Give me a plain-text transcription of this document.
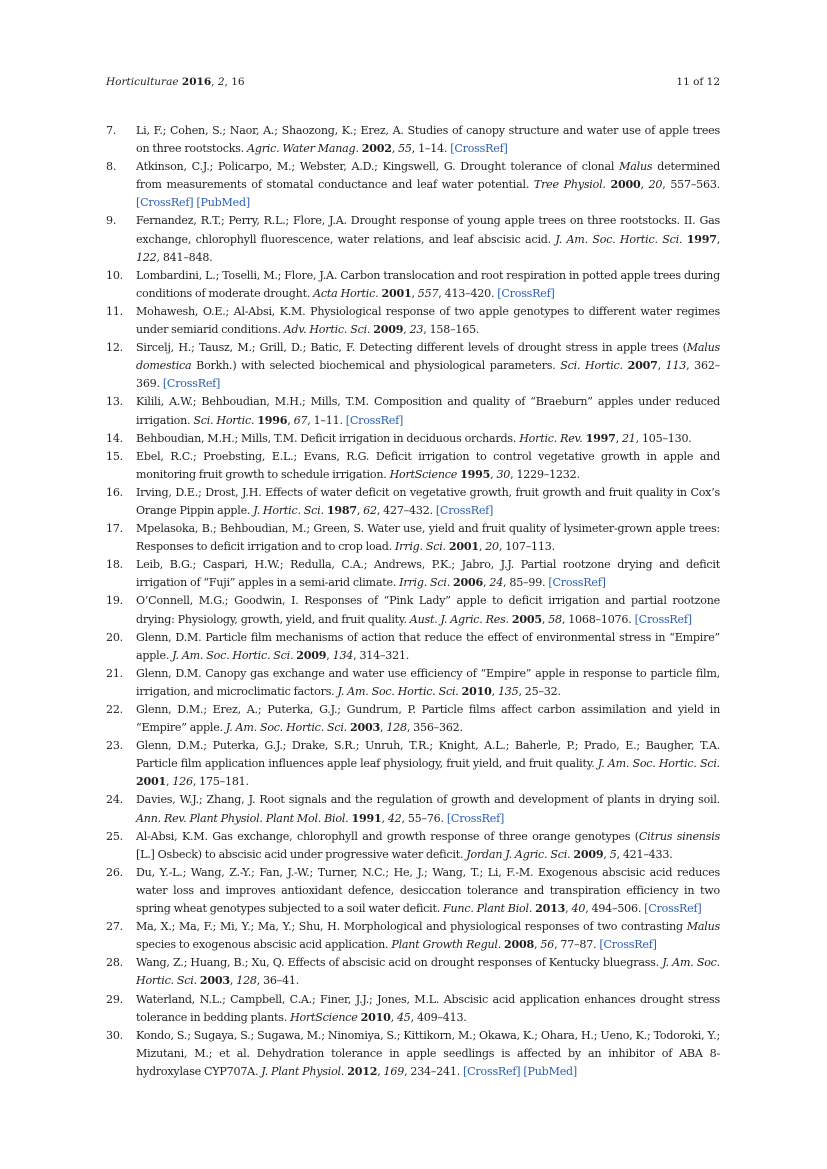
Horticulturae 2016, 2, 16	11 of 12

7. Li, F.; Cohen, S.; Naor, A.; Shaozong, K.; Erez, A. Studies of canopy structure and water use of apple trees on three rootstocks. Agric. Water Manag. 2002, 55, 1–14. [CrossRef]

8. Atkinson, C.J.; Policarpo, M.; Webster, A.D.; Kingswell, G. Drought tolerance of clonal Malus determined from measurements of stomatal conductance and leaf water potential. Tree Physiol. 2000, 20, 557–563. [CrossRef] [PubMed]

9. Fernandez, R.T.; Perry, R.L.; Flore, J.A. Drought response of young apple trees on three rootstocks. II. Gas exchange, chlorophyll fluorescence, water relations, and leaf abscisic acid. J. Am. Soc. Hortic. Sci. 1997, 122, 841–848.

10. Lombardini, L.; Toselli, M.; Flore, J.A. Carbon translocation and root respiration in potted apple trees during conditions of moderate drought. Acta Hortic. 2001, 557, 413–420. [CrossRef]

11. Mohawesh, O.E.; Al-Absi, K.M. Physiological response of two apple genotypes to different water regimes under semiarid conditions. Adv. Hortic. Sci. 2009, 23, 158–165.

12. Sircelj, H.; Tausz, M.; Grill, D.; Batic, F. Detecting different levels of drought stress in apple trees (Malus domestica Borkh.) with selected biochemical and physiological parameters. Sci. Hortic. 2007, 113, 362–369. [CrossRef]

13. Kilili, A.W.; Behboudian, M.H.; Mills, T.M. Composition and quality of “Braeburn” apples under reduced irrigation. Sci. Hortic. 1996, 67, 1–11. [CrossRef]

14. Behboudian, M.H.; Mills, T.M. Deficit irrigation in deciduous orchards. Hortic. Rev. 1997, 21, 105–130.

15. Ebel, R.C.; Proebsting, E.L.; Evans, R.G. Deficit irrigation to control vegetative growth in apple and monitoring fruit growth to schedule irrigation. HortScience 1995, 30, 1229–1232.

16. Irving, D.E.; Drost, J.H. Effects of water deficit on vegetative growth, fruit growth and fruit quality in Cox’s Orange Pippin apple. J. Hortic. Sci. 1987, 62, 427–432. [CrossRef]

17. Mpelasoka, B.; Behboudian, M.; Green, S. Water use, yield and fruit quality of lysimeter-grown apple trees: Responses to deficit irrigation and to crop load. Irrig. Sci. 2001, 20, 107–113.

18. Leib, B.G.; Caspari, H.W.; Redulla, C.A.; Andrews, P.K.; Jabro, J.J. Partial rootzone drying and deficit irrigation of “Fuji” apples in a semi-arid climate. Irrig. Sci. 2006, 24, 85–99. [CrossRef]

19. O’Connell, M.G.; Goodwin, I. Responses of “Pink Lady” apple to deficit irrigation and partial rootzone drying: Physiology, growth, yield, and fruit quality. Aust. J. Agric. Res. 2005, 58, 1068–1076. [CrossRef]

20. Glenn, D.M. Particle film mechanisms of action that reduce the effect of environmental stress in “Empire” apple. J. Am. Soc. Hortic. Sci. 2009, 134, 314–321.

21. Glenn, D.M. Canopy gas exchange and water use efficiency of “Empire” apple in response to particle film, irrigation, and microclimatic factors. J. Am. Soc. Hortic. Sci. 2010, 135, 25–32.

22. Glenn, D.M.; Erez, A.; Puterka, G.J.; Gundrum, P. Particle films affect carbon assimilation and yield in “Empire” apple. J. Am. Soc. Hortic. Sci. 2003, 128, 356–362.

23. Glenn, D.M.; Puterka, G.J.; Drake, S.R.; Unruh, T.R.; Knight, A.L.; Baherle, P.; Prado, E.; Baugher, T.A. Particle film application influences apple leaf physiology, fruit yield, and fruit quality. J. Am. Soc. Hortic. Sci. 2001, 126, 175–181.

24. Davies, W.J.; Zhang, J. Root signals and the regulation of growth and development of plants in drying soil. Ann. Rev. Plant Physiol. Plant Mol. Biol. 1991, 42, 55–76. [CrossRef]

25. Al-Absi, K.M. Gas exchange, chlorophyll and growth response of three orange genotypes (Citrus sinensis [L.] Osbeck) to abscisic acid under progressive water deficit. Jordan J. Agric. Sci. 2009, 5, 421–433.

26. Du, Y.-L.; Wang, Z.-Y.; Fan, J.-W.; Turner, N.C.; He, J.; Wang, T.; Li, F.-M. Exogenous abscisic acid reduces water loss and improves antioxidant defence, desiccation tolerance and transpiration efficiency in two spring wheat genotypes subjected to a soil water deficit. Func. Plant Biol. 2013, 40, 494–506. [CrossRef]

27. Ma, X.; Ma, F.; Mi, Y.; Ma, Y.; Shu, H. Morphological and physiological responses of two contrasting Malus species to exogenous abscisic acid application. Plant Growth Regul. 2008, 56, 77–87. [CrossRef]

28. Wang, Z.; Huang, B.; Xu, Q. Effects of abscisic acid on drought responses of Kentucky bluegrass. J. Am. Soc. Hortic. Sci. 2003, 128, 36–41.

29. Waterland, N.L.; Campbell, C.A.; Finer, J.J.; Jones, M.L. Abscisic acid application enhances drought stress tolerance in bedding plants. HortScience 2010, 45, 409–413.

30. Kondo, S.; Sugaya, S.; Sugawa, M.; Ninomiya, S.; Kittikorn, M.; Okawa, K.; Ohara, H.; Ueno, K.; Todoroki, Y.; Mizutani, M.; et al. Dehydration tolerance in apple seedlings is affected by an inhibitor of ABA 8-hydroxylase CYP707A. J. Plant Physiol. 2012, 169, 234–241. [CrossRef] [PubMed]
